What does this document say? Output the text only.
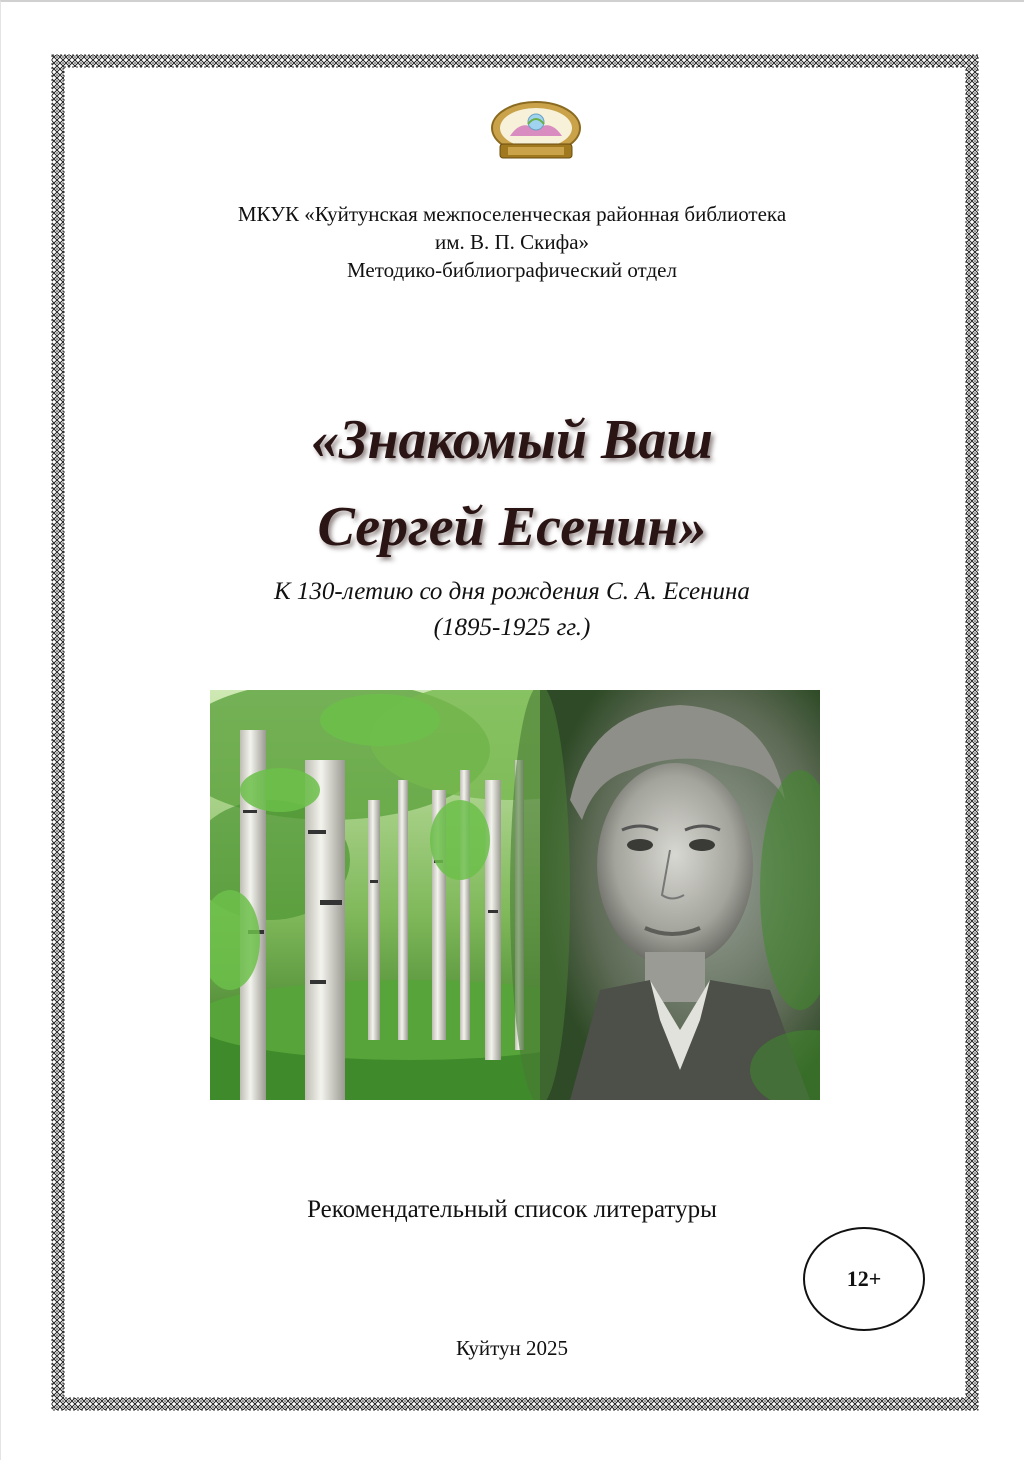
МКУК «Куйтунская межпоселенческая районная библиотека
им. В. П. Скифа»
Методико-библиографический отдел
«Знакомый Ваш
Сергей Есенин»
К 130-летию со дня рождения С. А. Есенина
(1895-1925 гг.)
Рекомендательный список литературы
12+
Куйтун 2025
